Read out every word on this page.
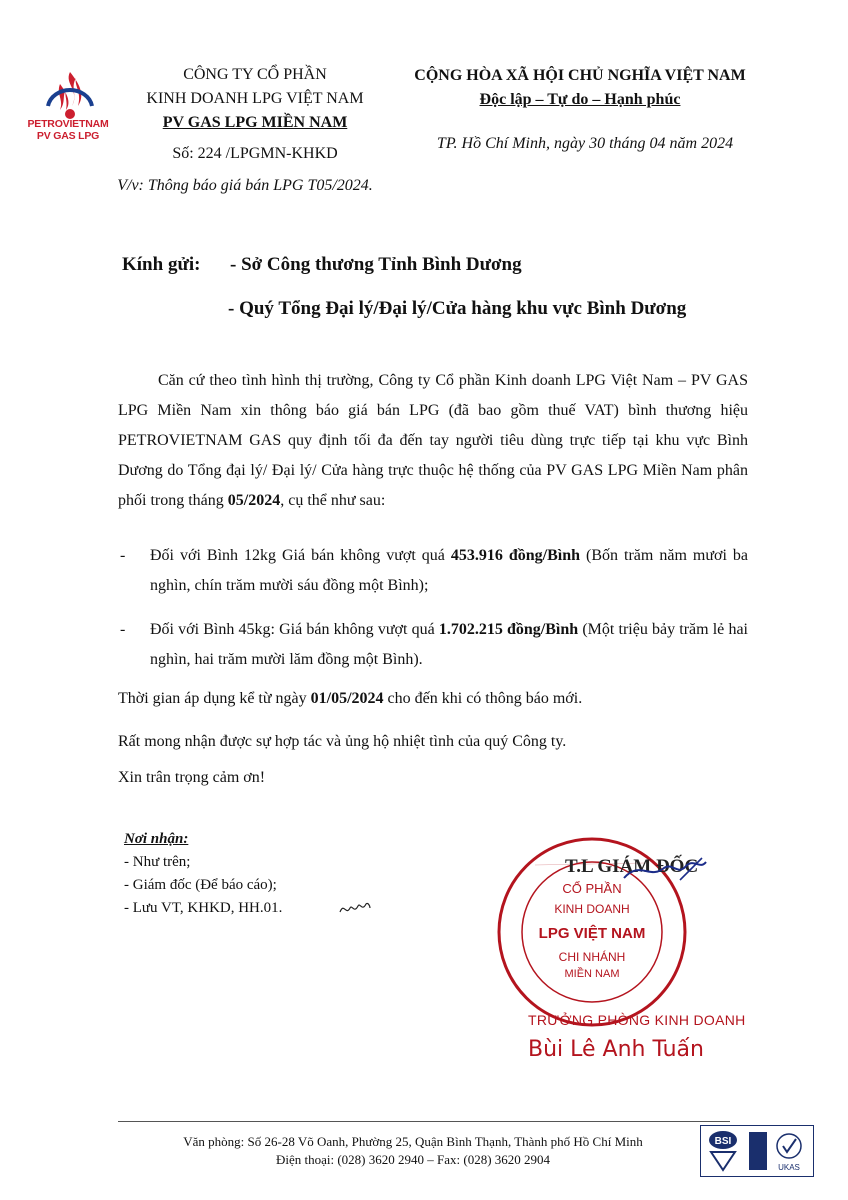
PETROVIETNAM
PV GAS LPG
CÔNG TY CỔ PHẦN
KINH DOANH LPG VIỆT NAM
PV GAS LPG MIỀN NAM
Số: 224 /LPGMN-KHKD
V/v: Thông báo giá bán LPG T05/2024.
CỘNG HÒA XÃ HỘI CHỦ NGHĨA VIỆT NAM
Độc lập – Tự do – Hạnh phúc
TP. Hồ Chí Minh, ngày 30 tháng 04 năm 2024
Kính gửi: - Sở Công thương Tỉnh Bình Dương
- Quý Tổng Đại lý/Đại lý/Cửa hàng khu vực Bình Dương

Căn cứ theo tình hình thị trường, Công ty Cổ phần Kinh doanh LPG Việt Nam – PV GAS LPG Miền Nam xin thông báo giá bán LPG (đã bao gồm thuế VAT) bình thương hiệu PETROVIETNAM GAS quy định tối đa đến tay người tiêu dùng trực tiếp tại khu vực Bình Dương do Tổng đại lý/ Đại lý/ Cửa hàng trực thuộc hệ thống của PV GAS LPG Miền Nam phân phối trong tháng 05/2024, cụ thể như sau:

- Đối với Bình 12kg Giá bán không vượt quá 453.916 đồng/Bình (Bốn trăm năm mươi ba nghìn, chín trăm mười sáu đồng một Bình);
- Đối với Bình 45kg: Giá bán không vượt quá 1.702.215 đồng/Bình (Một triệu bảy trăm lẻ hai nghìn, hai trăm mười lăm đồng một Bình).
Thời gian áp dụng kể từ ngày 01/05/2024 cho đến khi có thông báo mới.
Rất mong nhận được sự hợp tác và ủng hộ nhiệt tình của quý Công ty.
Xin trân trọng cảm ơn!
Nơi nhận:
- Như trên;
- Giám đốc (Để báo cáo);
- Lưu VT, KHKD, HH.01.
CỔ PHẦN
KINH DOANH
LPG VIỆT NAM
CHI NHÁNH
MIỀN NAM
T.L GIÁM ĐỐC
TRƯỞNG PHÒNG KINH DOANH
Bùi Lê Anh Tuấn
Văn phòng: Số 26-28 Võ Oanh, Phường 25, Quận Bình Thạnh, Thành phố Hồ Chí Minh
Điện thoại: (028) 3620 2940 – Fax: (028) 3620 2904
BSI
UKAS
